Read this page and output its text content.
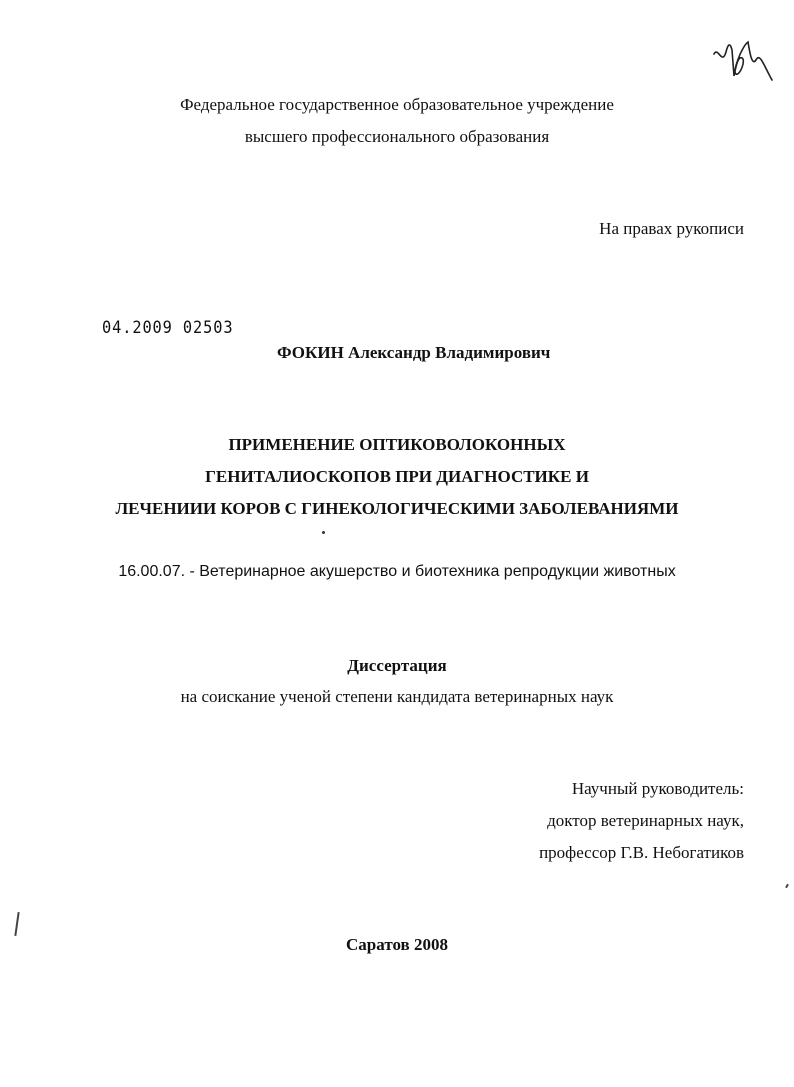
Федеральное государственное образовательное учреждение
высшего профессионального образования
На правах рукописи
04.2009 02503
ФОКИН Александр Владимирович
ПРИМЕНЕНИЕ ОПТИКОВОЛОКОННЫХ
ГЕНИТАЛИОСКОПОВ ПРИ ДИАГНОСТИКЕ И
ЛЕЧЕНИИИ КОРОВ С ГИНЕКОЛОГИЧЕСКИМИ ЗАБОЛЕВАНИЯМИ
16.00.07. - Ветеринарное акушерство и биотехника репродукции животных
Диссертация
на соискание ученой степени кандидата ветеринарных наук
Научный руководитель:
доктор ветеринарных наук,
профессор Г.В. Небогатиков
Саратов 2008
